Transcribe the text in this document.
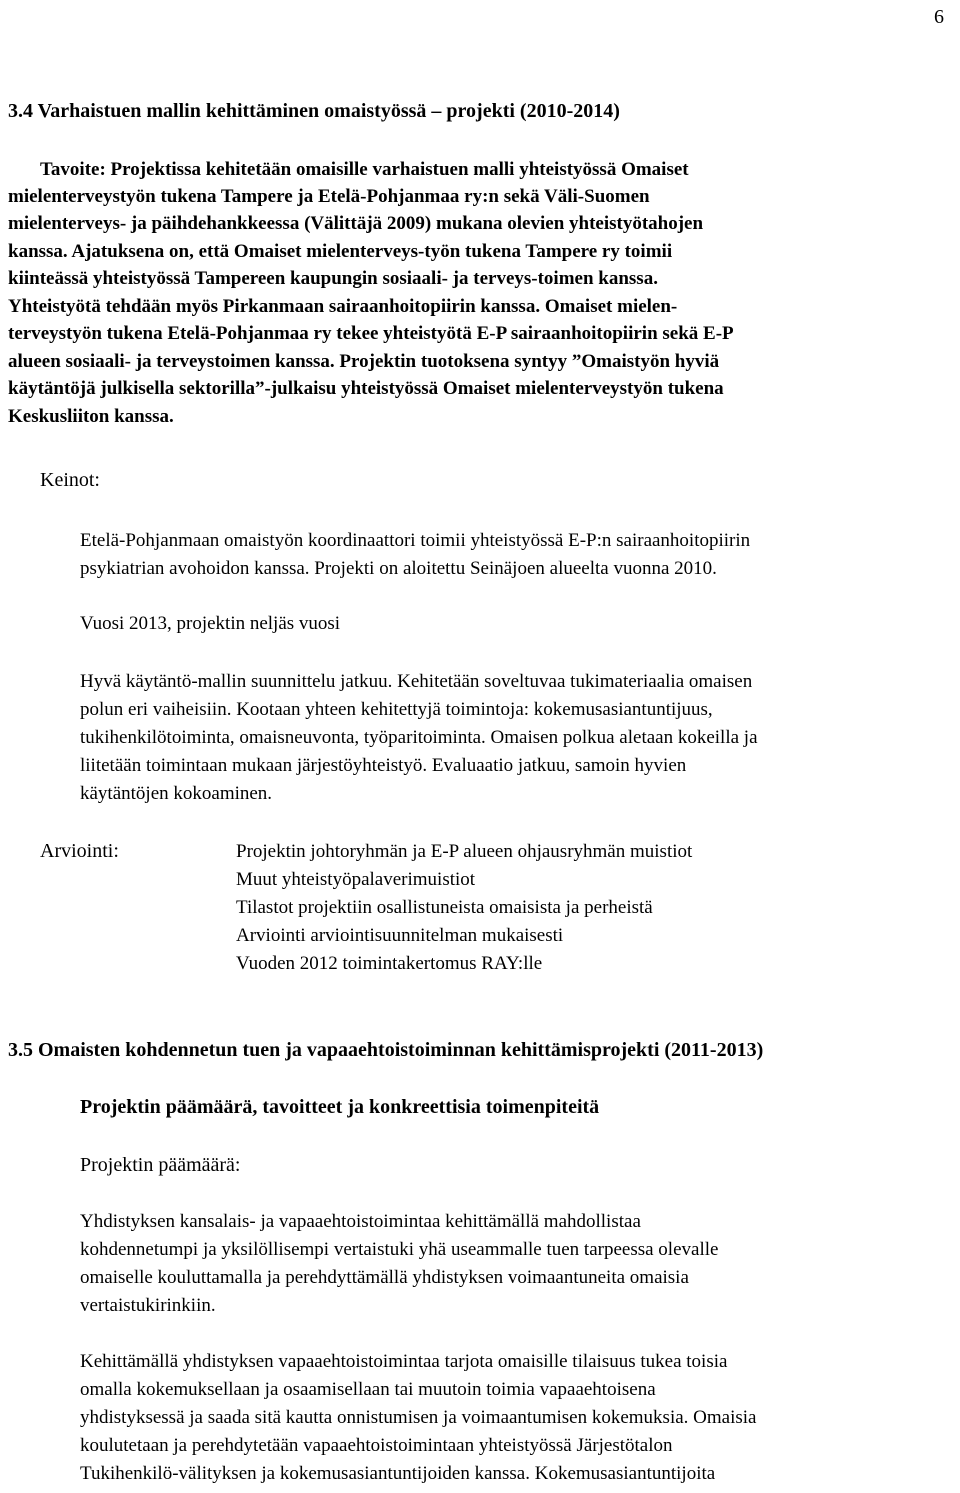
6
3.4 Varhaistuen mallin kehittäminen omaistyössä – projekti (2010-2014)
Tavoite: Projektissa kehitetään omaisille varhaistuen malli yhteistyössä Omaiset
mielenterveystyön tukena Tampere ja Etelä-Pohjanmaa ry:n sekä Väli-Suomen
mielenterveys- ja päihdehankkeessa (Välittäjä 2009) mukana olevien yhteistyötahojen
kanssa. Ajatuksena on, että Omaiset mielenterveys-työn tukena Tampere ry toimii
kiinteässä yhteistyössä Tampereen kaupungin sosiaali- ja terveys-toimen kanssa.
Yhteistyötä tehdään myös Pirkanmaan sairaanhoitopiirin kanssa. Omaiset mielen-
terveystyön tukena Etelä-Pohjanmaa ry tekee yhteistyötä E-P sairaanhoitopiirin sekä E-P
alueen sosiaali- ja terveystoimen kanssa. Projektin tuotoksena syntyy ”Omaistyön hyviä
käytäntöjä julkisella sektorilla”-julkaisu yhteistyössä Omaiset mielenterveystyön tukena
Keskusliiton kanssa.
Keinot:
Etelä-Pohjanmaan omaistyön koordinaattori toimii yhteistyössä E-P:n sairaanhoitopiirin
psykiatrian avohoidon kanssa. Projekti on aloitettu Seinäjoen alueelta vuonna 2010.
Vuosi 2013, projektin neljäs vuosi
Hyvä käytäntö-mallin suunnittelu jatkuu. Kehitetään soveltuvaa tukimateriaalia omaisen
polun eri vaiheisiin. Kootaan yhteen kehitettyjä toimintoja: kokemusasiantuntijuus,
tukihenkilötoiminta, omaisneuvonta, työparitoiminta. Omaisen polkua aletaan kokeilla ja
liitetään toimintaan mukaan järjestöyhteistyö. Evaluaatio jatkuu, samoin hyvien
käytäntöjen kokoaminen.
Arviointi:	Projektin johtoryhmän ja E-P alueen ohjausryhmän muistiot
Muut yhteistyöpalaverimuistiot
Tilastot projektiin osallistuneista omaisista ja perheistä
Arviointi arviointisuunnitelman mukaisesti
Vuoden 2012 toimintakertomus RAY:lle
3.5 Omaisten kohdennetun tuen ja vapaaehtoistoiminnan kehittämisprojekti (2011-2013)
Projektin päämäärä, tavoitteet ja konkreettisia toimenpiteitä
Projektin päämäärä:
Yhdistyksen kansalais- ja vapaaehtoistoimintaa kehittämällä mahdollistaa
kohdennetumpi ja yksilöllisempi vertaistuki yhä useammalle tuen tarpeessa olevalle
omaiselle kouluttamalla ja perehdyttämällä yhdistyksen voimaantuneita omaisia
vertaistukirinkiin.
Kehittämällä yhdistyksen vapaaehtoistoimintaa tarjota omaisille tilaisuus tukea toisia
omalla kokemuksellaan ja osaamisellaan tai muutoin toimia vapaaehtoisena
yhdistyksessä ja saada sitä kautta onnistumisen ja voimaantumisen kokemuksia. Omaisia
koulutetaan ja perehdytetään vapaaehtoistoimintaan yhteistyössä Järjestötalon
Tukihenkilö-välityksen ja kokemusasiantuntijoiden kanssa. Kokemusasiantuntijoita
